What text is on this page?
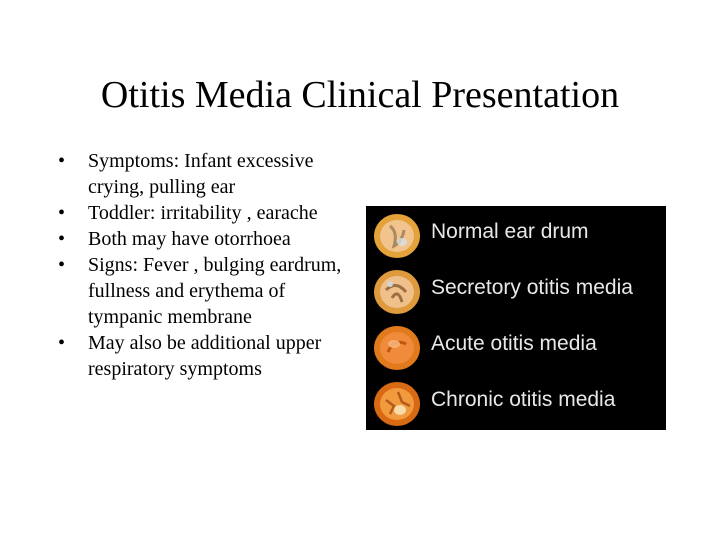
Otitis Media Clinical Presentation
•	Symptoms: Infant excessive crying, pulling ear
•	Toddler: irritability , earache
•	Both may have otorrhoea
•	Signs: Fever , bulging eardrum, fullness and erythema of tympanic membrane
•	May also be additional upper respiratory symptoms
Normal ear drum
Secretory otitis media
Acute otitis media
Chronic otitis media
